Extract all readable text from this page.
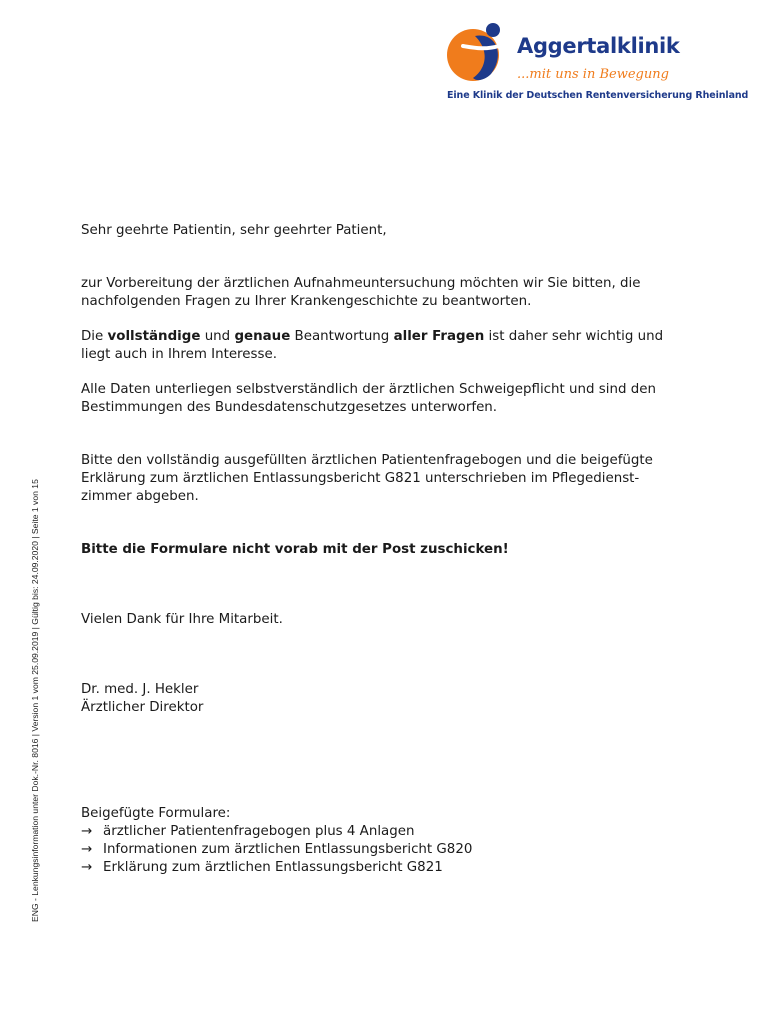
Aggertalklinik
...mit uns in Bewegung
Eine Klinik der Deutschen Rentenversicherung Rheinland
ENG - Lenkungsinformation unter Dok.-Nr. 8016 | Version 1 vom 25.09.2019 | Gültig bis: 24.09.2020 | Seite 1 von 15

Sehr geehrte Patientin, sehr geehrter Patient,

zur Vorbereitung der ärztlichen Aufnahmeuntersuchung möchten wir Sie bitten, die nachfolgenden Fragen zu Ihrer Krankengeschichte zu beantworten.

Die vollständige und genaue Beantwortung aller Fragen ist daher sehr wichtig und liegt auch in Ihrem Interesse.

Alle Daten unterliegen selbstverständlich der ärztlichen Schweigepflicht und sind den Bestimmungen des Bundesdatenschutzgesetzes unterworfen.

Bitte den vollständig ausgefüllten ärztlichen Patientenfragebogen und die beigefügte Erklärung zum ärztlichen Entlassungsbericht G821 unterschrieben im Pflegedienst-zimmer abgeben.

Bitte die Formulare nicht vorab mit der Post zuschicken!

Vielen Dank für Ihre Mitarbeit.

Dr. med. J. Hekler

Ärztlicher Direktor

Beigefügte Formulare:

→ ärztlicher Patientenfragebogen plus 4 Anlagen
→ Informationen zum ärztlichen Entlassungsbericht G820
→ Erklärung zum ärztlichen Entlassungsbericht G821
